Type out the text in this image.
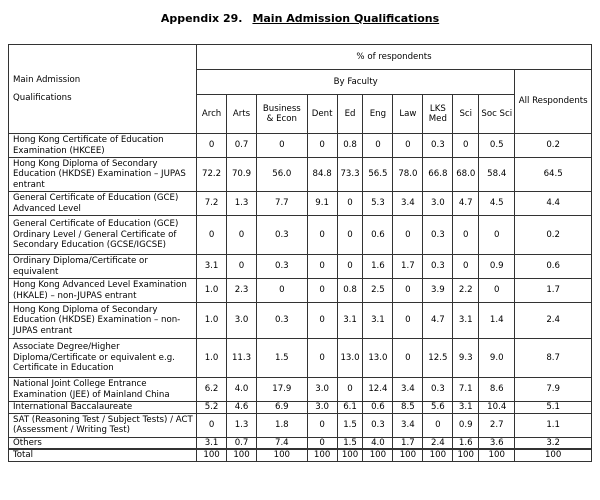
Appendix 29. Main Admission Qualifications
Main Admission
Qualifications	% of respondents										
	By Faculty										All Respondents
	Arch	Arts	Business & Econ	Dent	Ed	Eng	Law	LKS Med	Sci	Soc Sci	
Hong Kong Certificate of Education Examination (HKCEE)	0	0.7	0	0	0.8	0	0	0.3	0	0.5	0.2
Hong Kong Diploma of Secondary Education (HKDSE) Examination – JUPAS entrant	72.2	70.9	56.0	84.8	73.3	56.5	78.0	66.8	68.0	58.4	64.5
General Certificate of Education (GCE) Advanced Level	7.2	1.3	7.7	9.1	0	5.3	3.4	3.0	4.7	4.5	4.4
General Certificate of Education (GCE) Ordinary Level / General Certificate of Secondary Education (GCSE/IGCSE)	0	0	0.3	0	0	0.6	0	0.3	0	0	0.2
Ordinary Diploma/Certificate or equivalent	3.1	0	0.3	0	0	1.6	1.7	0.3	0	0.9	0.6
Hong Kong Advanced Level Examination (HKALE) – non-JUPAS entrant	1.0	2.3	0	0	0.8	2.5	0	3.9	2.2	0	1.7
Hong Kong Diploma of Secondary Education (HKDSE) Examination – non-JUPAS entrant	1.0	3.0	0.3	0	3.1	3.1	0	4.7	3.1	1.4	2.4
Associate Degree/Higher Diploma/Certificate or equivalent e.g. Certificate in Education	1.0	11.3	1.5	0	13.0	13.0	0	12.5	9.3	9.0	8.7
National Joint College Entrance Examination (JEE) of Mainland China	6.2	4.0	17.9	3.0	0	12.4	3.4	0.3	7.1	8.6	7.9
International Baccalaureate	5.2	4.6	6.9	3.0	6.1	0.6	8.5	5.6	3.1	10.4	5.1
SAT (Reasoning Test / Subject Tests) / ACT (Assessment / Writing Test)	0	1.3	1.8	0	1.5	0.3	3.4	0	0.9	2.7	1.1
Others	3.1	0.7	7.4	0	1.5	4.0	1.7	2.4	1.6	3.6	3.2
Total	100	100	100	100	100	100	100	100	100	100	100
